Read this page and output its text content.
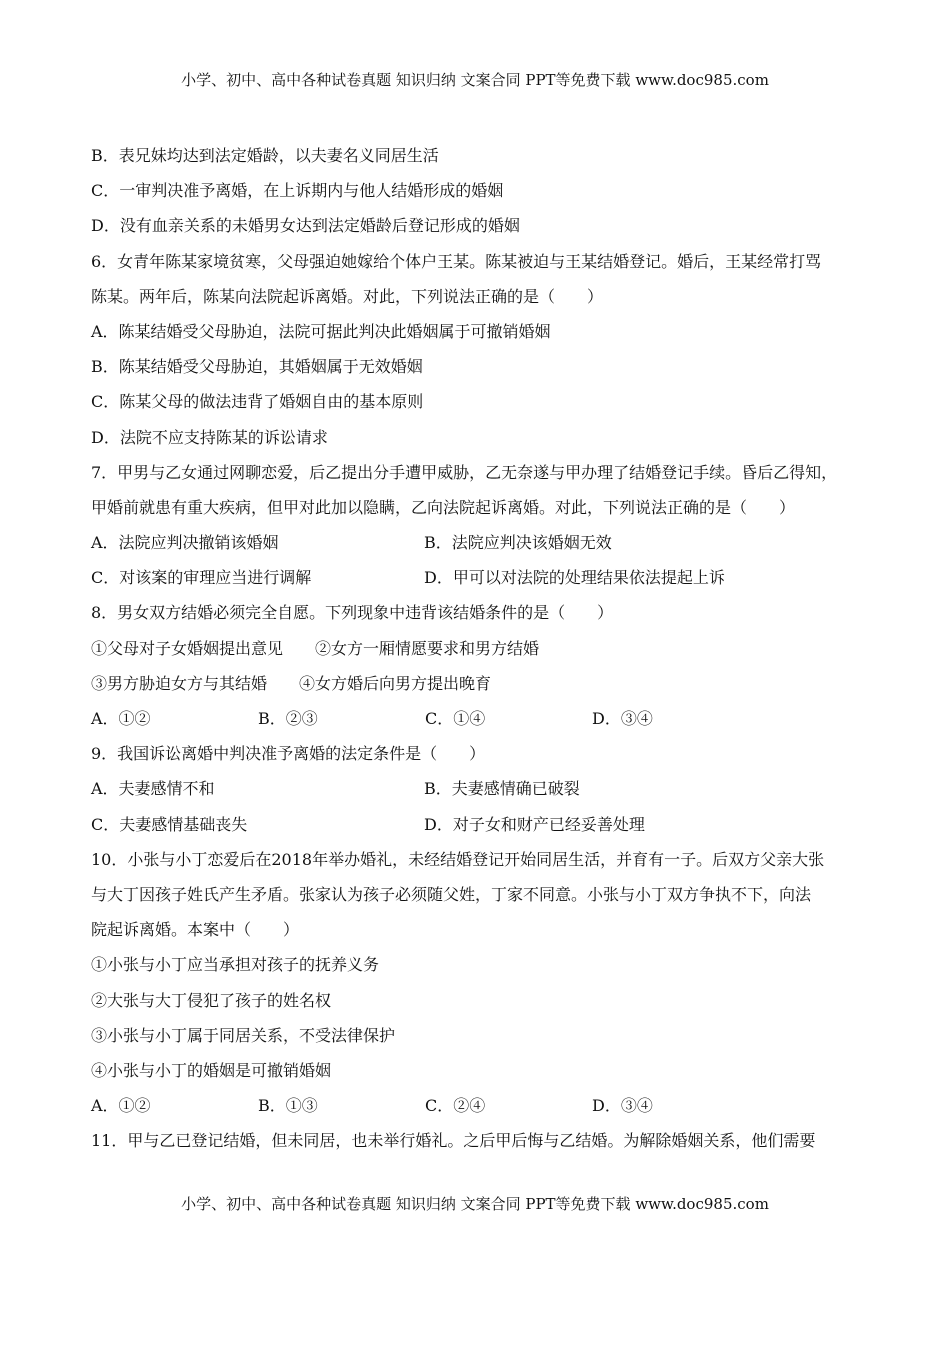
小学、初中、高中各种试卷真题 知识归纳 文案合同 PPT等免费下载 www.doc985.com
B．表兄妹均达到法定婚龄，以夫妻名义同居生活
C．一审判决准予离婚，在上诉期内与他人结婚形成的婚姻
D．没有血亲关系的未婚男女达到法定婚龄后登记形成的婚姻
6．女青年陈某家境贫寒，父母强迫她嫁给个体户王某。陈某被迫与王某结婚登记。婚后，王某经常打骂
陈某。两年后，陈某向法院起诉离婚。对此，下列说法正确的是（　　）
A．陈某结婚受父母胁迫，法院可据此判决此婚姻属于可撤销婚姻
B．陈某结婚受父母胁迫，其婚姻属于无效婚姻
C．陈某父母的做法违背了婚姻自由的基本原则
D．法院不应支持陈某的诉讼请求
7．甲男与乙女通过网聊恋爱，后乙提出分手遭甲威胁，乙无奈遂与甲办理了结婚登记手续。昏后乙得知，
甲婚前就患有重大疾病，但甲对此加以隐瞒，乙向法院起诉离婚。对此，下列说法正确的是（　　）
A．法院应判决撤销该婚姻	B．法院应判决该婚姻无效
C．对该案的审理应当进行调解	D．甲可以对法院的处理结果依法提起上诉
8．男女双方结婚必须完全自愿。下列现象中违背该结婚条件的是（　　）
①父母对子女婚姻提出意见　　②女方一厢情愿要求和男方结婚
③男方胁迫女方与其结婚　　④女方婚后向男方提出晚育
A．①②	B．②③	C．①④	D．③④
9．我国诉讼离婚中判决准予离婚的法定条件是（　　）
A．夫妻感情不和	B．夫妻感情确已破裂
C．夫妻感情基础丧失	D．对子女和财产已经妥善处理
10．小张与小丁恋爱后在2018年举办婚礼，未经结婚登记开始同居生活，并育有一子。后双方父亲大张
与大丁因孩子姓氏产生矛盾。张家认为孩子必须随父姓，丁家不同意。小张与小丁双方争执不下，向法
院起诉离婚。本案中（　　）
①小张与小丁应当承担对孩子的抚养义务
②大张与大丁侵犯了孩子的姓名权
③小张与小丁属于同居关系，不受法律保护
④小张与小丁的婚姻是可撤销婚姻
A．①②	B．①③	C．②④	D．③④
11．甲与乙已登记结婚，但未同居，也未举行婚礼。之后甲后悔与乙结婚。为解除婚姻关系，他们需要
小学、初中、高中各种试卷真题 知识归纳 文案合同 PPT等免费下载 www.doc985.com
